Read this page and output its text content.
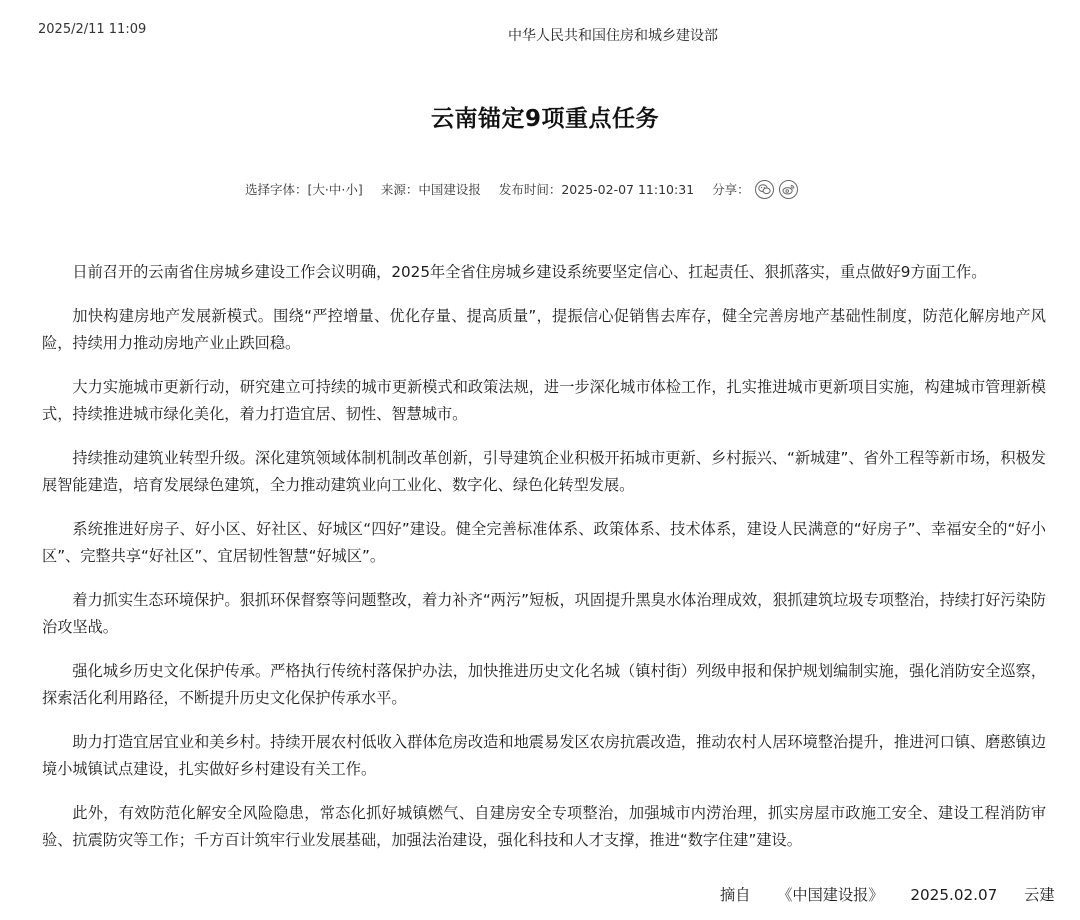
2025/2/11 11:09	中华人民共和国住房和城乡建设部
云南锚定9项重点任务
选择字体： [ 大 · 中 · 小 ] 来源： 中国建设报 发布时间： 2025-02-07 11:10:31 分享：

日前召开的云南省住房城乡建设工作会议明确，2025年全省住房城乡建设系统要坚定信心、扛起责任、狠抓落实，重点做好9方面工作。

加快构建房地产发展新模式。围绕“严控增量、优化存量、提高质量”，提振信心促销售去库存，健全完善房地产基础性制度，防范化解房地产风险，持续用力推动房地产业止跌回稳。

大力实施城市更新行动，研究建立可持续的城市更新模式和政策法规，进一步深化城市体检工作，扎实推进城市更新项目实施，构建城市管理新模式，持续推进城市绿化美化，着力打造宜居、韧性、智慧城市。

持续推动建筑业转型升级。深化建筑领域体制机制改革创新，引导建筑企业积极开拓城市更新、乡村振兴、“新城建”、省外工程等新市场，积极发展智能建造，培育发展绿色建筑，全力推动建筑业向工业化、数字化、绿色化转型发展。

系统推进好房子、好小区、好社区、好城区“四好”建设。健全完善标准体系、政策体系、技术体系，建设人民满意的“好房子”、幸福安全的“好小区”、完整共享“好社区”、宜居韧性智慧“好城区”。

着力抓实生态环境保护。狠抓环保督察等问题整改，着力补齐“两污”短板，巩固提升黑臭水体治理成效，狠抓建筑垃圾专项整治，持续打好污染防治攻坚战。

强化城乡历史文化保护传承。严格执行传统村落保护办法，加快推进历史文化名城（镇村街）列级申报和保护规划编制实施，强化消防安全巡察，探索活化利用路径，不断提升历史文化保护传承水平。

助力打造宜居宜业和美乡村。持续开展农村低收入群体危房改造和地震易发区农房抗震改造，推动农村人居环境整治提升，推进河口镇、磨憨镇边境小城镇试点建设，扎实做好乡村建设有关工作。

此外，有效防范化解安全风险隐患，常态化抓好城镇燃气、自建房安全专项整治，加强城市内涝治理，抓实房屋市政施工安全、建设工程消防审验、抗震防灾等工作；千方百计筑牢行业发展基础，加强法治建设，强化科技和人才支撑，推进“数字住建”建设。

摘自 《中国建设报》 2025.02.07 云建
